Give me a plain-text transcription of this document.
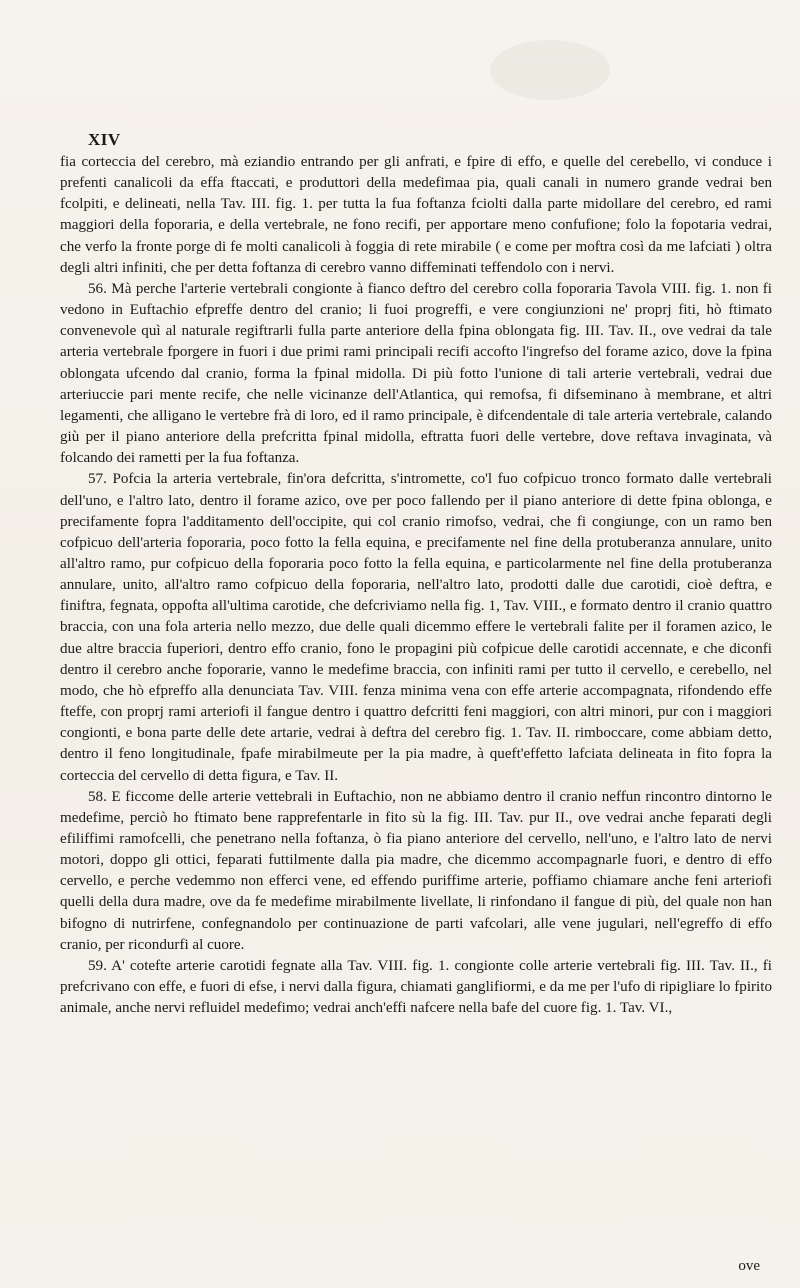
XIV

fia corteccia del cerebro, mà eziandio entrando per gli anfrati, e fpire di effo, e quelle del cerebello, vi conduce i prefenti canalicoli da effa ftaccati, e produttori della medefimaa pia, quali canali in numero grande vedrai ben fcolpiti, e delineati, nella Tav. III. fig. 1. per tutta la fua foftanza fciolti dalla parte midollare del cerebro, ed rami maggiori della foporaria, e della vertebrale, ne fono recifi, per apportare meno confufione; folo la fopotaria vedrai, che verfo la fronte porge di fe molti canalicoli à foggia di rete mirabile ( e come per moftra così da me lafciati ) oltra degli altri infiniti, che per detta foftanza di cerebro vanno diffeminati teffendolo con i nervi.

56. Mà perche l'arterie vertebrali congionte à fianco deftro del cerebro colla foporaria Tavola VIII. fig. 1. non fi vedono in Euftachio efpreffe dentro del cranio; li fuoi progreffi, e vere congiunzioni ne' proprj fiti, hò ftimato convenevole quì al naturale regiftrarli fulla parte anteriore della fpina oblongata fig. III. Tav. II., ove vedrai da tale arteria vertebrale fporgere in fuori i due primi rami principali recifi accofto l'ingrefso del forame azico, dove la fpina oblongata ufcendo dal cranio, forma la fpinal midolla. Di più fotto l'unione di tali arterie vertebrali, vedrai due arteriuccie pari mente recife, che nelle vicinanze dell'Atlantica, qui remofsa, fi difseminano à membrane, et altri legamenti, che alligano le vertebre frà di loro, ed il ramo principale, è difcendentale di tale arteria vertebrale, calando giù per il piano anteriore della prefcritta fpinal midolla, eftratta fuori delle vertebre, dove reftava invaginata, và folcando dei rametti per la fua foftanza.

57. Pofcia la arteria vertebrale, fin'ora defcritta, s'intromette, co'l fuo cofpicuo tronco formato dalle vertebrali dell'uno, e l'altro lato, dentro il forame azico, ove per poco fallendo per il piano anteriore di dette fpina oblonga, e precifamente fopra l'additamento dell'occipite, qui col cranio rimofso, vedrai, che fi congiunge, con un ramo ben cofpicuo dell'arteria foporaria, poco fotto la fella equina, e precifamente nel fine della protuberanza annulare, unito all'altro ramo, pur cofpicuo della foporaria poco fotto la fella equina, e particolarmente nel fine della protuberanza annulare, unito, all'altro ramo cofpicuo della foporaria, nell'altro lato, prodotti dalle due carotidi, cioè deftra, e finiftra, fegnata, oppofta all'ultima carotide, che defcriviamo nella fig. 1, Tav. VIII., e formato dentro il cranio quattro braccia, con una fola arteria nello mezzo, due delle quali dicemmo effere le vertebrali falite per il foramen azico, le due altre braccia fuperiori, dentro effo cranio, fono le propagini più cofpicue delle carotidi accennate, e che diconfi dentro il cerebro anche foporarie, vanno le medefime braccia, con infiniti rami per tutto il cervello, e cerebello, nel modo, che hò efpreffo alla denunciata Tav. VIII. fenza minima vena con effe arterie accompagnata, rifondendo effe fteffe, con proprj rami arteriofi il fangue dentro i quattro defcritti feni maggiori, con altri minori, pur con i maggiori congionti, e bona parte delle dete artarie, vedrai à deftra del cerebro fig. 1. Tav. II. rimboccare, come abbiam detto, dentro il feno longitudinale, fpafe mirabilmeute per la pia madre, à queft'effetto lafciata delineata in fito fopra la corteccia del cervello di detta figura, e Tav. II.

58. E ficcome delle arterie vettebrali in Euftachio, non ne abbiamo dentro il cranio neffun rincontro dintorno le medefime, perciò ho ftimato bene rapprefentarle in fito sù la fig. III. Tav. pur II., ove vedrai anche feparati degli efiliffimi ramofcelli, che penetrano nella foftanza, ò fia piano anteriore del cervello, nell'uno, e l'altro lato de nervi motori, doppo gli ottici, feparati futtilmente dalla pia madre, che dicemmo accompagnarle fuori, e dentro di effo cervello, e perche vedemmo non efferci vene, ed effendo puriffime arterie, poffiamo chiamare anche feni arteriofi quelli della dura madre, ove da fe medefime mirabilmente livellate, li rinfondano il fangue di più, del quale non han bifogno di nutrirfene, confegnandolo per continuazione de parti vafcolari, alle vene jugulari, nell'egreffo di effo cranio, per ricondurfi al cuore.

59. A' cotefte arterie carotidi fegnate alla Tav. VIII. fig. 1. congionte colle arterie vertebrali fig. III. Tav. II., fi prefcrivano con effe, e fuori di efse, i nervi dalla figura, chiamati ganglifiormi, e da me per l'ufo di ripigliare lo fpirito animale, anche nervi refluidel medefimo; vedrai anch'effi nafcere nella bafe del cuore fig. 1. Tav. VI.,

ove
